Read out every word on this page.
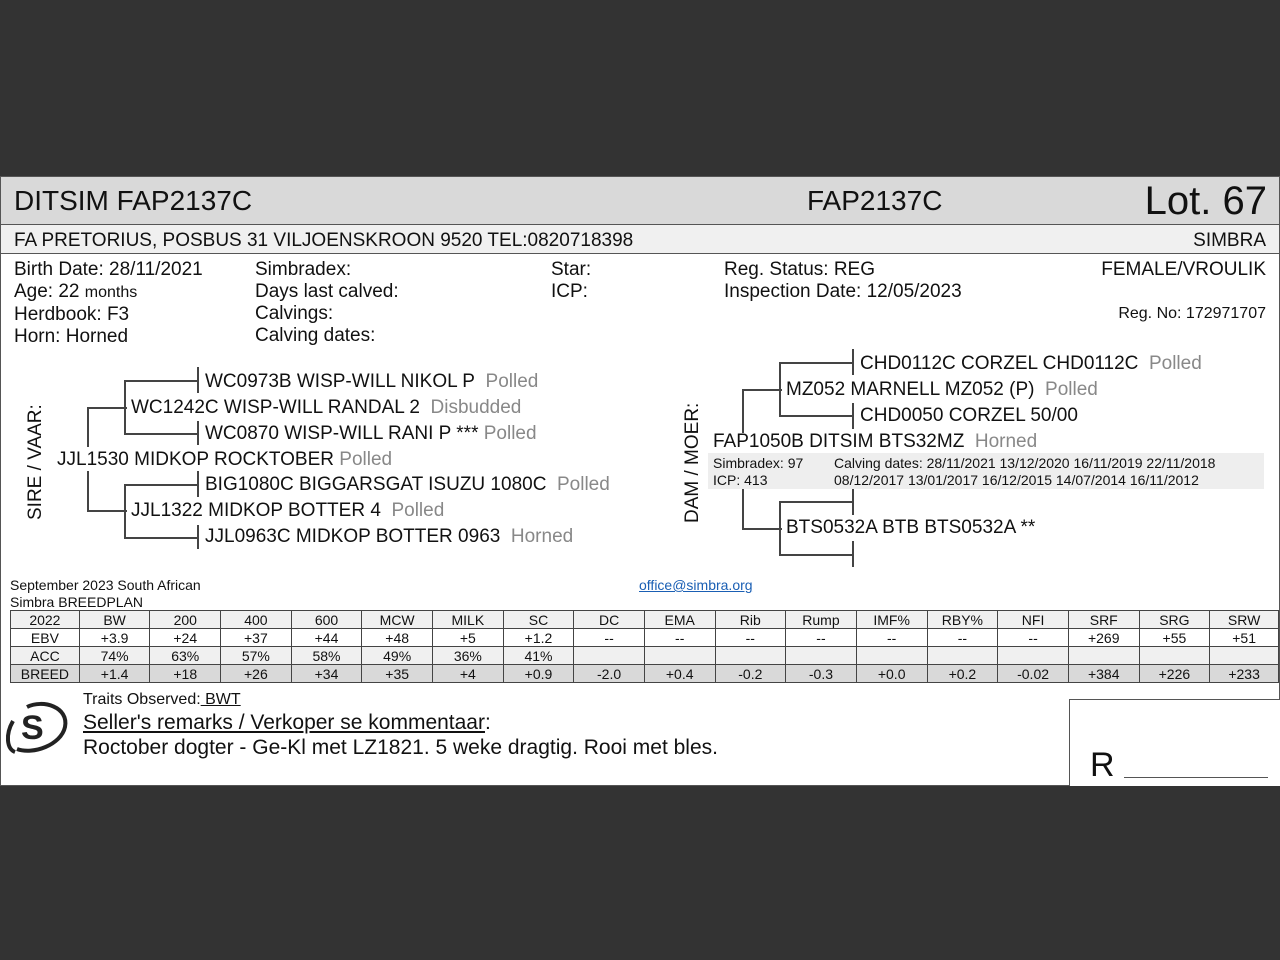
DITSIM FAP2137C	FAP2137C	Lot. 67
FA PRETORIUS, POSBUS 31 VILJOENSKROON 9520 TEL:0820718398	SIMBRA
Birth Date: 28/11/2021
Age: 22 months
Herdbook: F3
Horn: Horned
Simbradex:
Days last calved:
Calvings:
Calving dates:
Star:
ICP:
Reg. Status: REG
Inspection Date: 12/05/2023
FEMALE/VROULIK
Reg. No: 172971707
SIRE / VAAR:
WC0973B WISP-WILL NIKOL P Polled
WC1242C WISP-WILL RANDAL 2 Disbudded
WC0870 WISP-WILL RANI P *** Polled
JJL1530 MIDKOP ROCKTOBER Polled
BIG1080C BIGGARSGAT ISUZU 1080C Polled
JJL1322 MIDKOP BOTTER 4 Polled
JJL0963C MIDKOP BOTTER 0963 Horned
DAM / MOER:
CHD0112C CORZEL CHD0112C Polled
MZ052 MARNELL MZ052 (P) Polled
CHD0050 CORZEL 50/00
FAP1050B DITSIM BTS32MZ Horned
Simbradex: 97
ICP: 413
Calving dates: 28/11/2021 13/12/2020 16/11/2019 22/11/2018
08/12/2017 13/01/2017 16/12/2015 14/07/2014 16/11/2012
BTS0532A BTB BTS0532A **
September 2023 South African
Simbra BREEDPLAN
office@simbra.org
2022	BW	200	400	600	MCW	MILK	SC	DC	EMA	Rib	Rump	IMF%	RBY%	NFI	SRF	SRG	SRW
EBV	+3.9	+24	+37	+44	+48	+5	+1.2	--	--	--	--	--	--	--	+269	+55	+51
ACC	74%	63%	57%	58%	49%	36%	41%										
BREED	+1.4	+18	+26	+34	+35	+4	+0.9	-2.0	+0.4	-0.2	-0.3	+0.0	+0.2	-0.02	+384	+226	+233
S
Traits Observed: BWT
Seller's remarks / Verkoper se kommentaar:
Roctober dogter - Ge-Kl met LZ1821. 5 weke dragtig. Rooi met bles.	R
